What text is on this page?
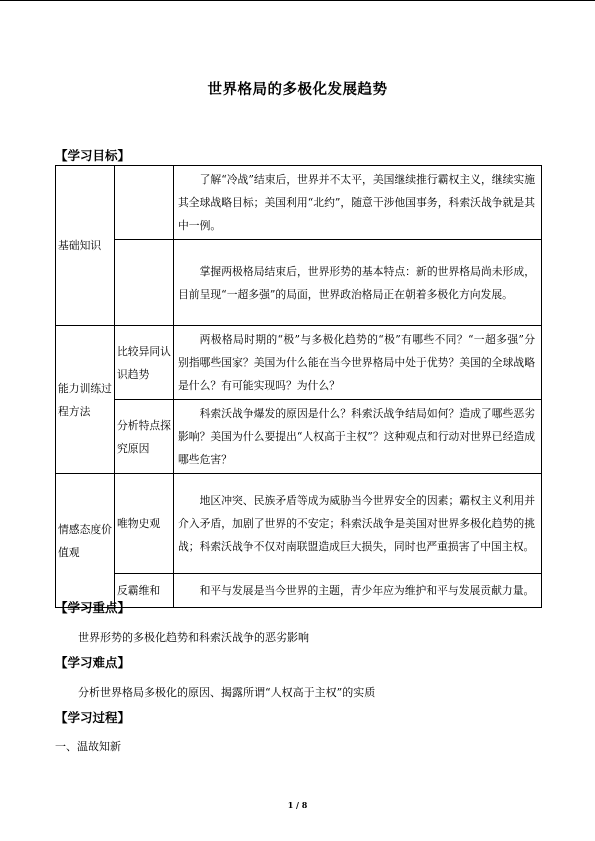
世界格局的多极化发展趋势
【学习目标】
基础知识		了解“冷战”结束后，世界并不太平，美国继续推行霸权主义，继续实施其全球战略目标；美国利用“北约”，随意干涉他国事务，科索沃战争就是其中一例。

		掌握两极格局结束后，世界形势的基本特点：新的世界格局尚未形成，目前呈现“一超多强”的局面，世界政治格局正在朝着多极化方向发展。

能力训练过程方法	比较异同认识趋势	两极格局时期的“极”与多极化趋势的“极”有哪些不同？“一超多强”分别指哪些国家？美国为什么能在当今世界格局中处于优势？美国的全球战略是什么？有可能实现吗？为什么？

	分析特点探究原因	科索沃战争爆发的原因是什么？科索沃战争结局如何？造成了哪些恶劣影响？美国为什么要提出“人权高于主权”？这种观点和行动对世界已经造成哪些危害？

情感态度价值观	唯物史观	地区冲突、民族矛盾等成为威胁当今世界安全的因素；霸权主义利用并介入矛盾，加剧了世界的不安定；科索沃战争是美国对世界多极化趋势的挑战；科索沃战争不仅对南联盟造成巨大损失，同时也严重损害了中国主权。

	反霸维和	和平与发展是当今世界的主题，青少年应为维护和平与发展贡献力量。
【学习重点】
世界形势的多极化趋势和科索沃战争的恶劣影响
【学习难点】
分析世界格局多极化的原因、揭露所谓“人权高于主权”的实质
【学习过程】
一、温故知新
1 / 8
